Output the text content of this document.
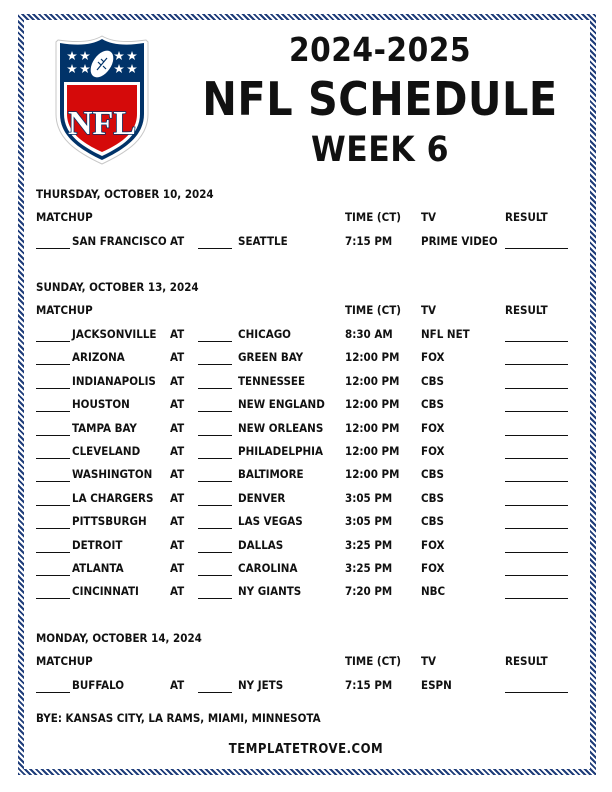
NFL
2024-2025
NFL SCHEDULE
WEEK 6
THURSDAY, OCTOBER 10, 2024
MATCHUP	TIME (CT) TV	RESULT
SAN FRANCISCO AT	SEATTLE	7:15 PM	PRIME VIDEO
SUNDAY, OCTOBER 13, 2024
MATCHUP	TIME (CT) TV	RESULT
JACKSONVILLE AT	CHICAGO	8:30 AM NFL NET
ARIZONA	AT	GREEN BAY	12:00 PM FOX
INDIANAPOLIS AT	TENNESSEE	12:00 PM CBS
HOUSTON	AT	NEW ENGLAND 12:00 PM CBS
TAMPA BAY	AT	NEW ORLEANS 12:00 PM FOX
CLEVELAND	AT	PHILADELPHIA 12:00 PM FOX
WASHINGTON AT	BALTIMORE	12:00 PM CBS
LA CHARGERS AT	DENVER	3:05 PM	CBS
PITTSBURGH AT	LAS VEGAS	3:05 PM	CBS
DETROIT	AT	DALLAS	3:25 PM	FOX
ATLANTA	AT	CAROLINA	3:25 PM	FOX
CINCINNATI	AT	NY GIANTS	7:20 PM	NBC
MONDAY, OCTOBER 14, 2024
MATCHUP	TIME (CT) TV	RESULT
BUFFALO	AT	NY JETS	7:15 PM	ESPN
BYE: KANSAS CITY, LA RAMS, MIAMI, MINNESOTA
TEMPLATETROVE.COM
